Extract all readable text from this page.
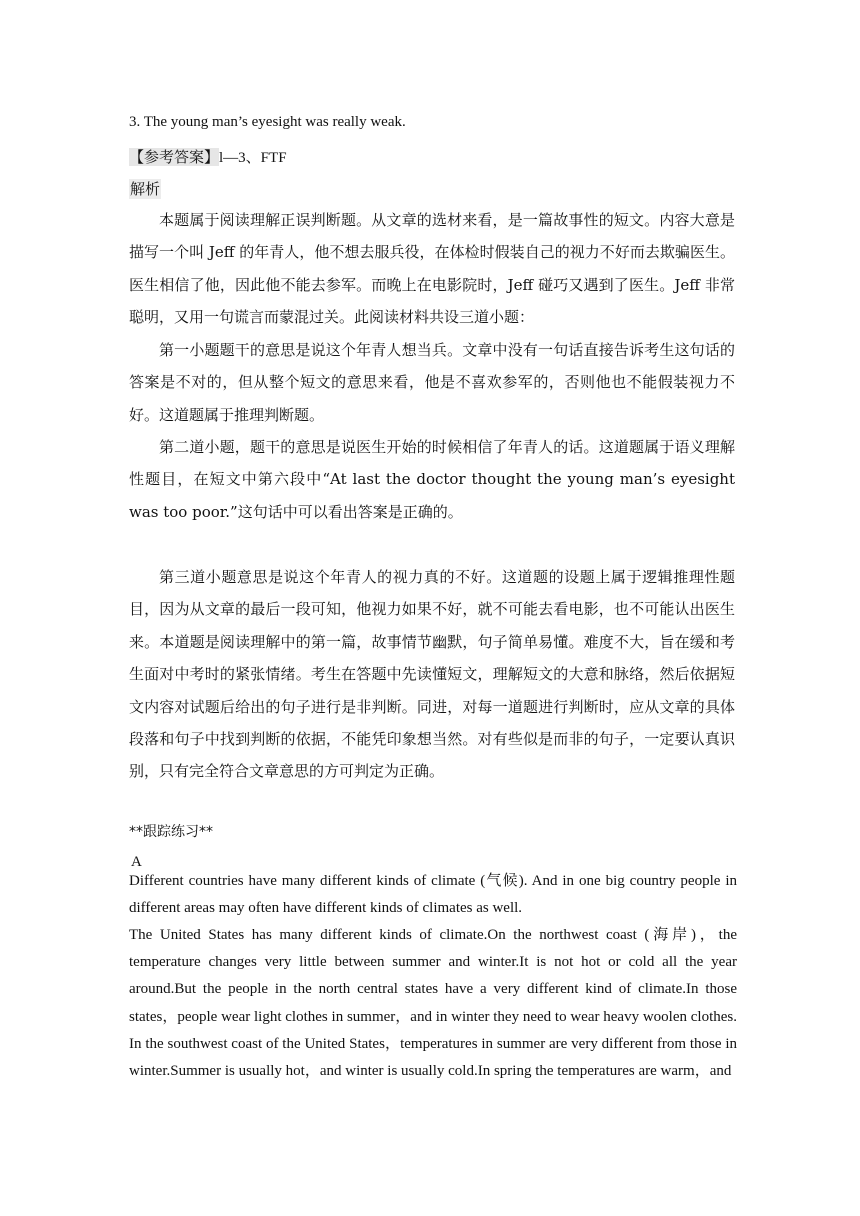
3. The young man’s eyesight was really weak.
【参考答案】l—3、FTF
解析

本题属于阅读理解正误判断题。从文章的选材来看，是一篇故事性的短文。内容大意是描写一个叫 Jeff 的年青人，他不想去服兵役，在体检时假装自己的视力不好而去欺骗医生。医生相信了他，因此他不能去参军。而晚上在电影院时，Jeff 碰巧又遇到了医生。Jeff 非常聪明，又用一句谎言而蒙混过关。此阅读材料共设三道小题：

第一小题题干的意思是说这个年青人想当兵。文章中没有一句话直接告诉考生这句话的答案是不对的，但从整个短文的意思来看，他是不喜欢参军的，否则他也不能假装视力不好。这道题属于推理判断题。

第二道小题，题干的意思是说医生开始的时候相信了年青人的话。这道题属于语义理解性题目，在短文中第六段中“At last the doctor thought the young man’s eyesight was too poor.”这句话中可以看出答案是正确的。

第三道小题意思是说这个年青人的视力真的不好。这道题的设题上属于逻辑推理性题目，因为从文章的最后一段可知，他视力如果不好，就不可能去看电影，也不可能认出医生来。本道题是阅读理解中的第一篇，故事情节幽默，句子简单易懂。难度不大，旨在缓和考生面对中考时的紧张情绪。考生在答题中先读懂短文，理解短文的大意和脉络，然后依据短文内容对试题后给出的句子进行是非判断。同进，对每一道题进行判断时，应从文章的具体段落和句子中找到判断的依据，不能凭印象想当然。对有些似是而非的句子，一定要认真识别，只有完全符合文章意思的方可判定为正确。

**跟踪练习**
A

Different countries have many different kinds of climate (气候). And in one big country people in different areas may often have different kinds of climates as well.

The United States has many different kinds of climate.On the northwest coast (海岸)，the temperature changes very little between summer and winter.It is not hot or cold all the year around.But the people in the north central states have a very different kind of climate.In those states，people wear light clothes in summer，and in winter they need to wear heavy woolen clothes. In the southwest coast of the United States，temperatures in summer are very different from those in winter.Summer is usually hot，and winter is usually cold.In spring the temperatures are warm，and
